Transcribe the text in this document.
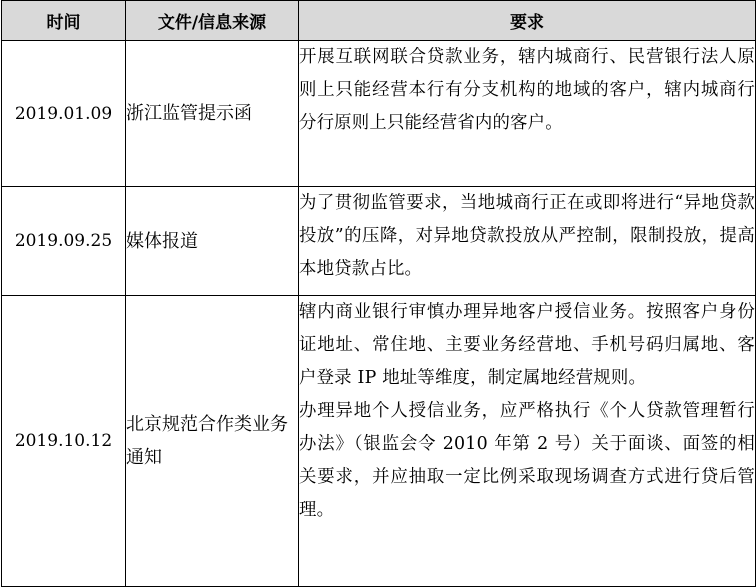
时间	文件/信息来源	要求
2019.01.09	浙江监管提示函	开展互联网联合贷款业务，辖内城商行、民营银行法人原则上只能经营本行有分支机构的地域的客户，辖内城商行分行原则上只能经营省内的客户。

2019.09.25	媒体报道	为了贯彻监管要求，当地城商行正在或即将进行“异地贷款投放”的压降，对异地贷款投放从严控制，限制投放，提高本地贷款占比。

2019.10.12	北京规范合作类业务通知	辖内商业银行审慎办理异地客户授信业务。按照客户身份证地址、常住地、主要业务经营地、手机号码归属地、客户登录 IP 地址等维度，制定属地经营规则。

办理异地个人授信业务，应严格执行《个人贷款管理暂行办法》（银监会令 2010 年第 2 号）关于面谈、面签的相关要求，并应抽取一定比例采取现场调查方式进行贷后管理。
